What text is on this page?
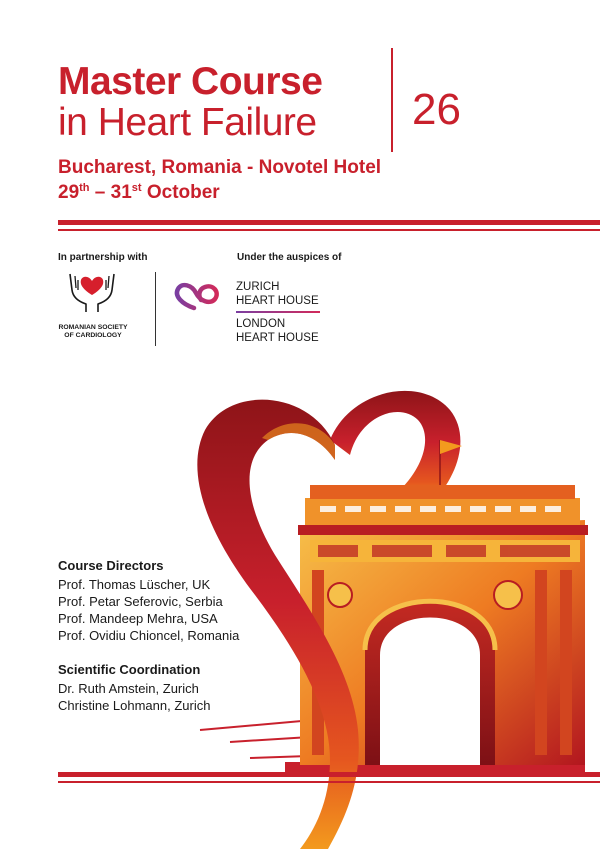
Master Course
in Heart Failure 26
Bucharest, Romania - Novotel Hotel
29th – 31st October
In partnership with	Under the auspices of
ROMANIAN SOCIETY
OF CARDIOLOGY
ZURICH
HEART HOUSE
LONDON
HEART HOUSE
Course Directors
Prof. Thomas Lüscher, UK
Prof. Petar Seferovic, Serbia
Prof. Mandeep Mehra, USA
Prof. Ovidiu Chioncel, Romania
Scientific Coordination
Dr. Ruth Amstein, Zurich
Christine Lohmann, Zurich
